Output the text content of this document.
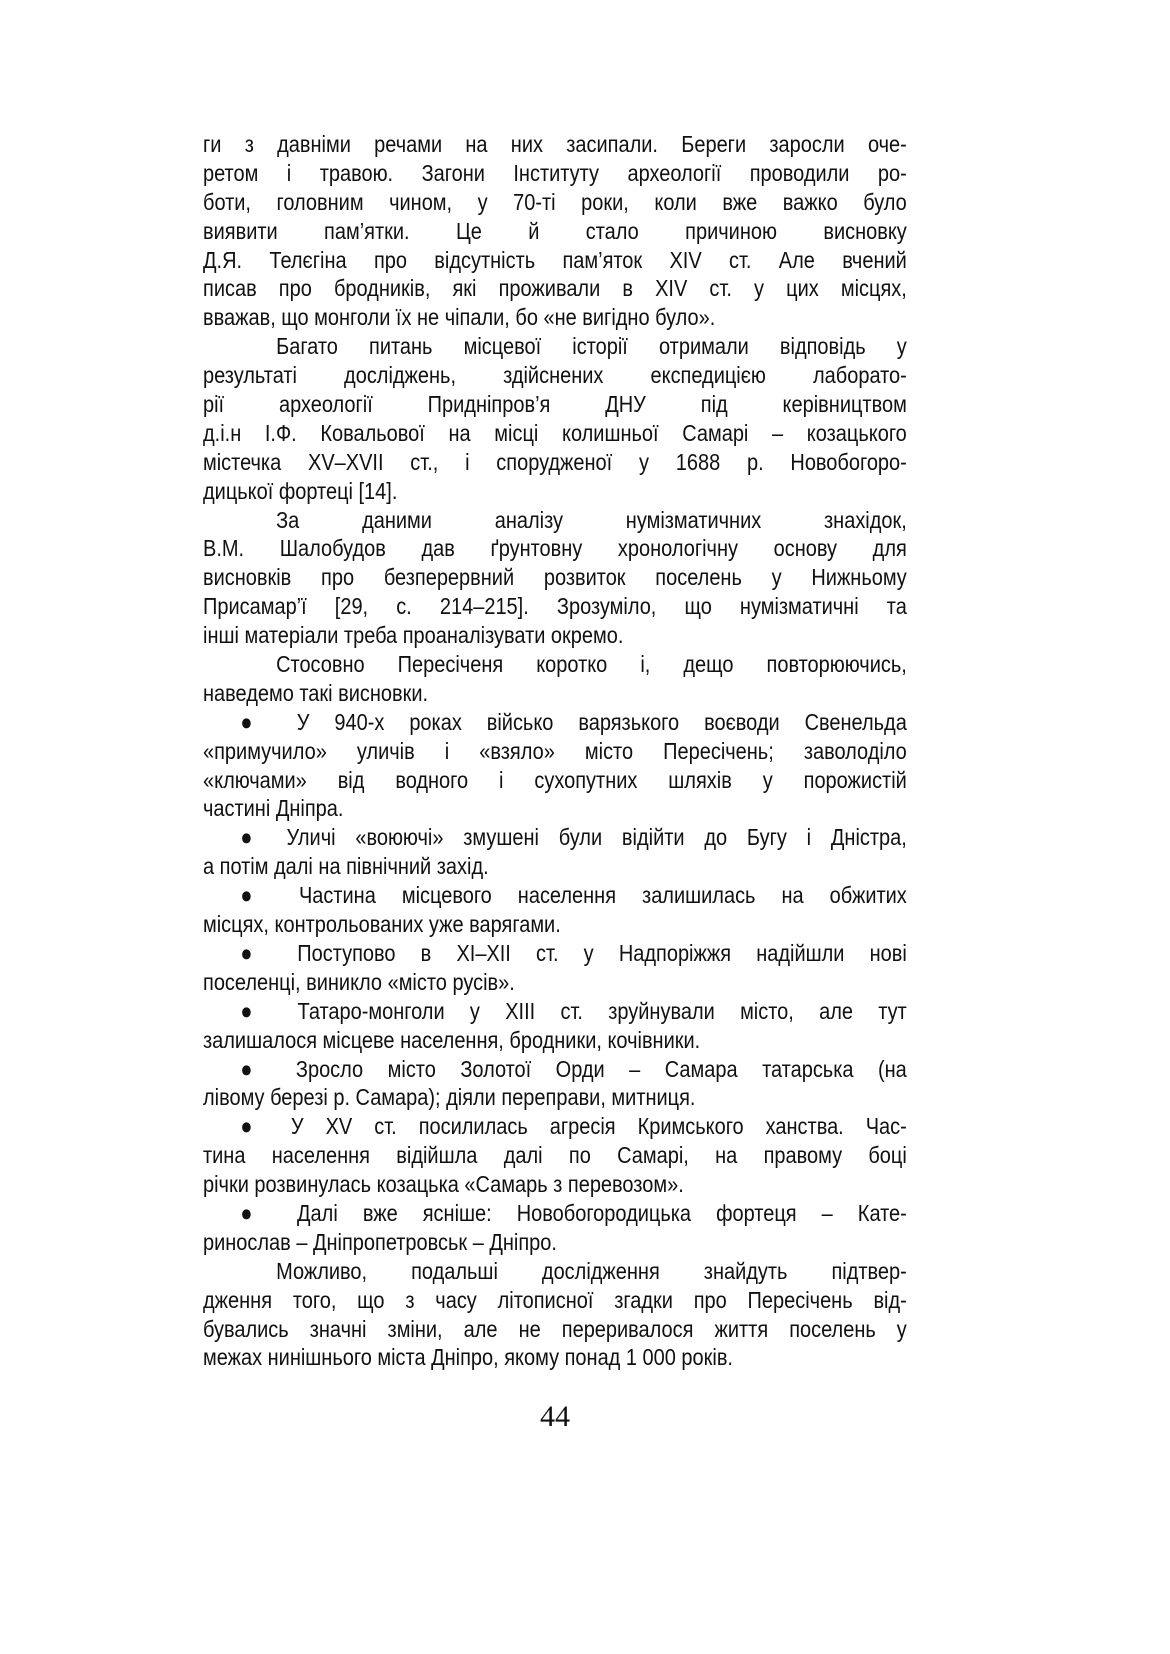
ги з давніми речами на них засипали. Береги заросли оче-
ретом і травою. Загони Інституту археології проводили ро-
боти, головним чином, у 70-ті роки, коли вже важко було
виявити пам’ятки. Це й стало причиною висновку
Д.Я. Телєгіна про відсутність пам’яток XIV ст. Але вчений
писав про бродників, які проживали в XIV ст. у цих місцях,
вважав, що монголи їх не чіпали, бо «не вигідно було».
Багато питань місцевої історії отримали відповідь у
результаті досліджень, здійснених експедицією лаборато-
рії археології Придніпров’я ДНУ під керівництвом
д.і.н І.Ф. Ковальової на місці колишньої Самарі – козацького
містечка XV–XVII ст., і спорудженої у 1688 р. Новобогоро-
дицької фортеці [14].
За даними аналізу нумізматичних знахідок,
В.М. Шалобудов дав ґрунтовну хронологічну основу для
висновків про безперервний розвиток поселень у Нижньому
Присамар’ї [29, с. 214–215]. Зрозуміло, що нумізматичні та
інші матеріали треба проаналізувати окремо.
Стосовно Пересіченя коротко і, дещо повторюючись,
наведемо такі висновки.
● У 940-х роках військо варязького воєводи Свенельда
«примучило» уличів і «взяло» місто Пересічень; заволоділо
«ключами» від водного і сухопутних шляхів у порожистій
частині Дніпра.
● Уличі «воюючі» змушені були відійти до Бугу і Дністра,
а потім далі на північний захід.
● Частина місцевого населення залишилась на обжитих
місцях, контрольованих уже варягами.
● Поступово в XI–XII ст. у Надпоріжжя надійшли нові
поселенці, виникло «місто русів».
● Татаро-монголи у XIII ст. зруйнували місто, але тут
залишалося місцеве населення, бродники, кочівники.
● Зросло місто Золотої Орди – Самара татарська (на
лівому березі р. Самара); діяли переправи, митниця.
● У XV ст. посилилась агресія Кримського ханства. Час-
тина населення відійшла далі по Самарі, на правому боці
річки розвинулась козацька «Самарь з перевозом».
● Далі вже ясніше: Новобогородицька фортеця – Кате-
ринослав – Дніпропетровськ – Дніпро.
Можливо, подальші дослідження знайдуть підтвер-
дження того, що з часу літописної згадки про Пересічень від-
бувались значні зміни, але не переривалося життя поселень у
межах нинішнього міста Дніпро, якому понад 1 000 років.
44
